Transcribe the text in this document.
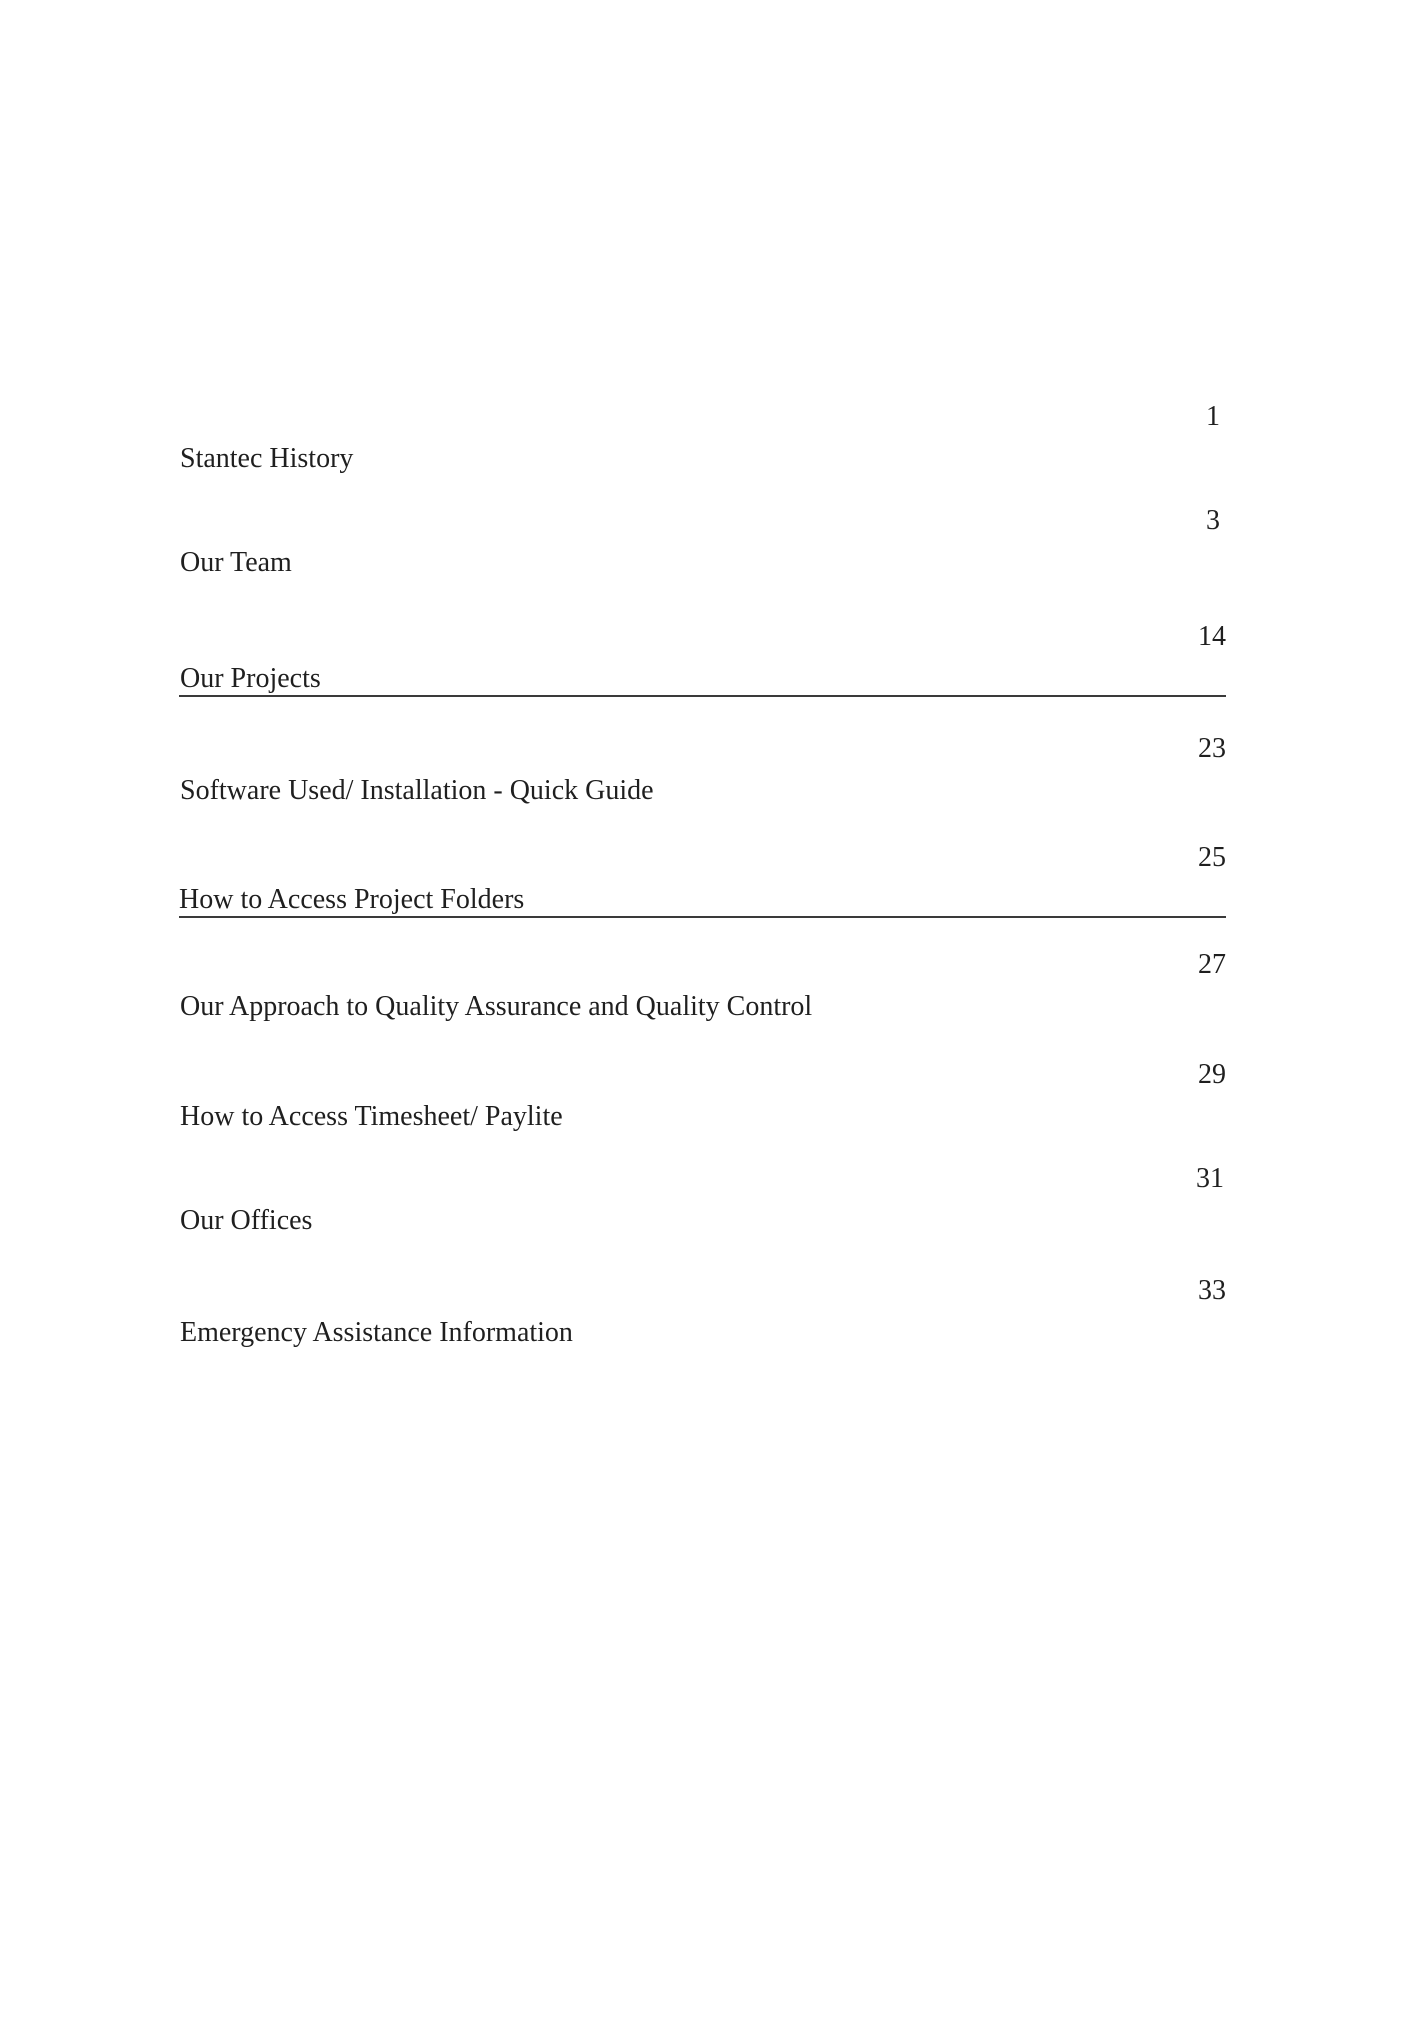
Stantec History
1
Our Team
3
Our Projects
14
Software Used/ Installation - Quick Guide
23
How to Access Project Folders
25
Our Approach to Quality Assurance and Quality Control
27
How to Access Timesheet/ Paylite
29
Our Offices
31
Emergency Assistance Information
33
